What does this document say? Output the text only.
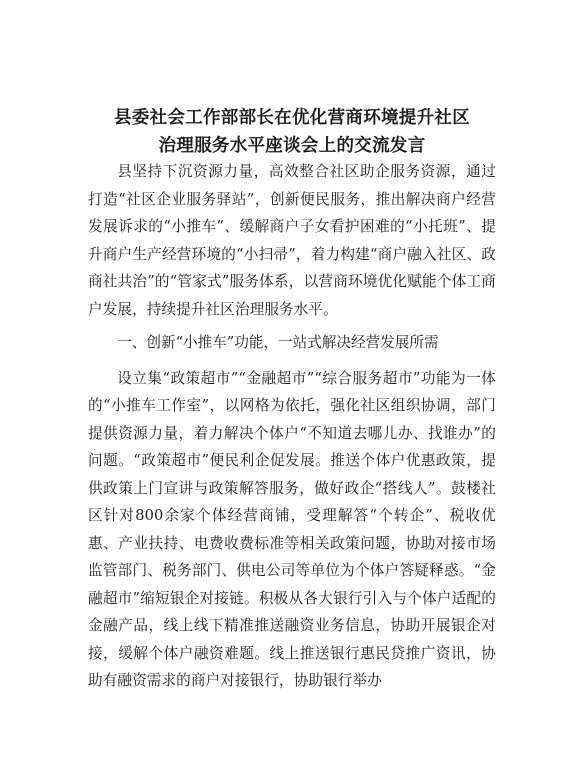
县委社会工作部部长在优化营商环境提升社区
治理服务水平座谈会上的交流发言

县坚持下沉资源力量，高效整合社区助企服务资源，通过打造“社区企业服务驿站”，创新便民服务，推出解决商户经营发展诉求的“小推车”、缓解商户子女看护困难的“小托班”、提升商户生产经营环境的“小扫帚”，着力构建“商户融入社区、政商社共治”的“管家式”服务体系，以营商环境优化赋能个体工商户发展，持续提升社区治理服务水平。

一、创新“小推车”功能，一站式解决经营发展所需

设立集“政策超市”“金融超市”“综合服务超市”功能为一体的“小推车工作室”，以网格为依托，强化社区组织协调，部门提供资源力量，着力解决个体户“不知道去哪儿办、找谁办”的问题。“政策超市”便民利企促发展。推送个体户优惠政策，提供政策上门宣讲与政策解答服务，做好政企“搭线人”。鼓楼社区针对800余家个体经营商铺，受理解答“个转企”、税收优惠、产业扶持、电费收费标准等相关政策问题，协助对接市场监管部门、税务部门、供电公司等单位为个体户答疑释惑。“金融超市”缩短银企对接链。积极从各大银行引入与个体户适配的金融产品，线上线下精准推送融资业务信息，协助开展银企对接，缓解个体户融资难题。线上推送银行惠民贷推广资讯，协助有融资需求的商户对接银行，协助银行举办
